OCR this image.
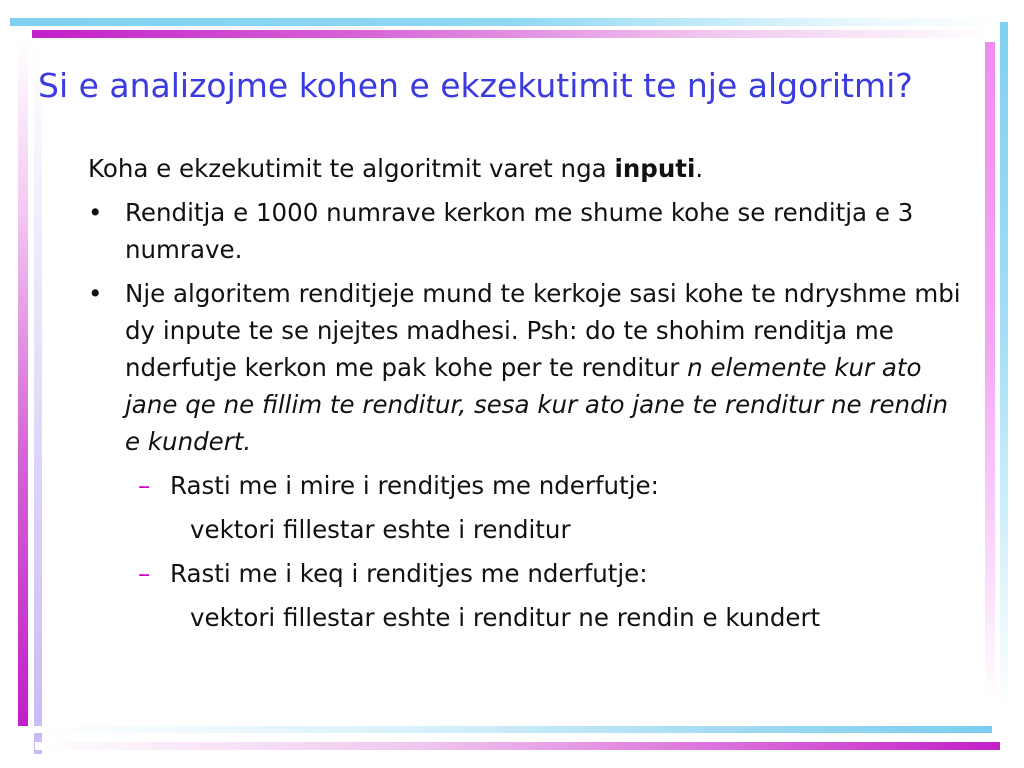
Si e analizojme kohen e ekzekutimit te nje algoritmi?
Koha e ekzekutimit te algoritmit varet nga inputi.
• Renditja e 1000 numrave kerkon me shume kohe se renditja e 3 numrave.
• Nje algoritem renditjeje mund te kerkoje sasi kohe te ndryshme mbi dy inpute te se njejtes madhesi. Psh: do te shohim renditja me nderfutje kerkon me pak kohe per te renditur n elemente kur ato jane qe ne fillim te renditur, sesa kur ato jane te renditur ne rendin e kundert.
– Rasti me i mire i renditjes me nderfutje:
vektori fillestar eshte i renditur
– Rasti me i keq i renditjes me nderfutje:
vektori fillestar eshte i renditur ne rendin e kundert
